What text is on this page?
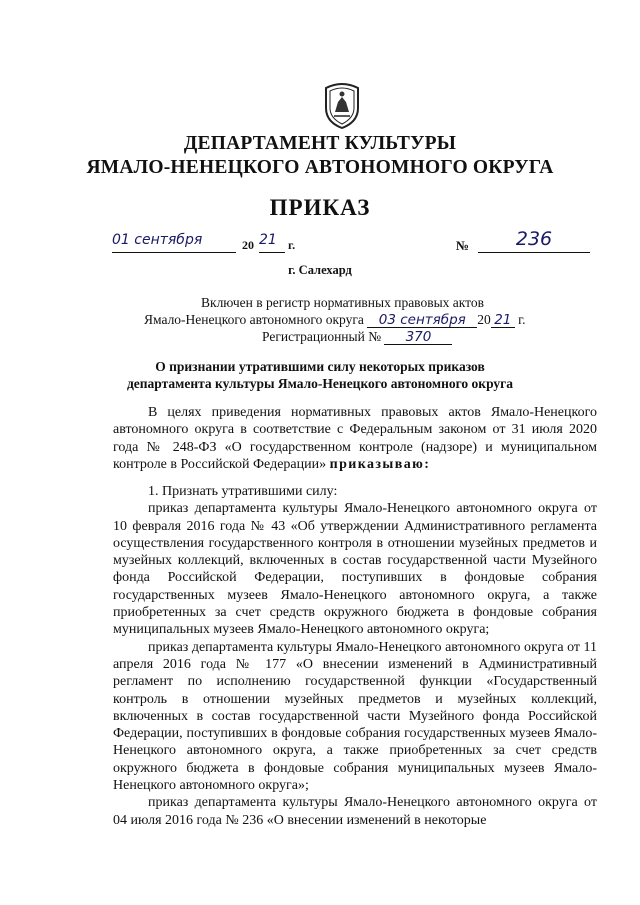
ДЕПАРТАМЕНТ КУЛЬТУРЫ
ЯМАЛО-НЕНЕЦКОГО АВТОНОМНОГО ОКРУГА
ПРИКАЗ
01 сентября	20 21 г.	№	236
г. Салехард
Включен в регистр нормативных правовых актов
Ямало-Ненецкого автономного округа 03 сентября 20 21 г.
Регистрационный № 370
О признании утратившими силу некоторых приказов
департамента культуры Ямало-Ненецкого автономного округа

В целях приведения нормативных правовых актов Ямало-Ненецкого автономного округа в соответствие с Федеральным законом от 31 июля 2020 года № 248-ФЗ «О государственном контроле (надзоре) и муниципальном контроле в Российской Федерации» приказываю:

1. Признать утратившими силу:

приказ департамента культуры Ямало-Ненецкого автономного округа от 10 февраля 2016 года № 43 «Об утверждении Административного регламента осуществления государственного контроля в отношении музейных предметов и музейных коллекций, включенных в состав государственной части Музейного фонда Российской Федерации, поступивших в фондовые собрания государственных музеев Ямало-Ненецкого автономного округа, а также приобретенных за счет средств окружного бюджета в фондовые собрания муниципальных музеев Ямало-Ненецкого автономного округа;

приказ департамента культуры Ямало-Ненецкого автономного округа от 11 апреля 2016 года № 177 «О внесении изменений в Административный регламент по исполнению государственной функции «Государственный контроль в отношении музейных предметов и музейных коллекций, включенных в состав государственной части Музейного фонда Российской Федерации, поступивших в фондовые собрания государственных музеев Ямало-Ненецкого автономного округа, а также приобретенных за счет средств окружного бюджета в фондовые собрания муниципальных музеев Ямало-Ненецкого автономного округа»;

приказ департамента культуры Ямало-Ненецкого автономного округа от 04 июля 2016 года № 236 «О внесении изменений в некоторые
